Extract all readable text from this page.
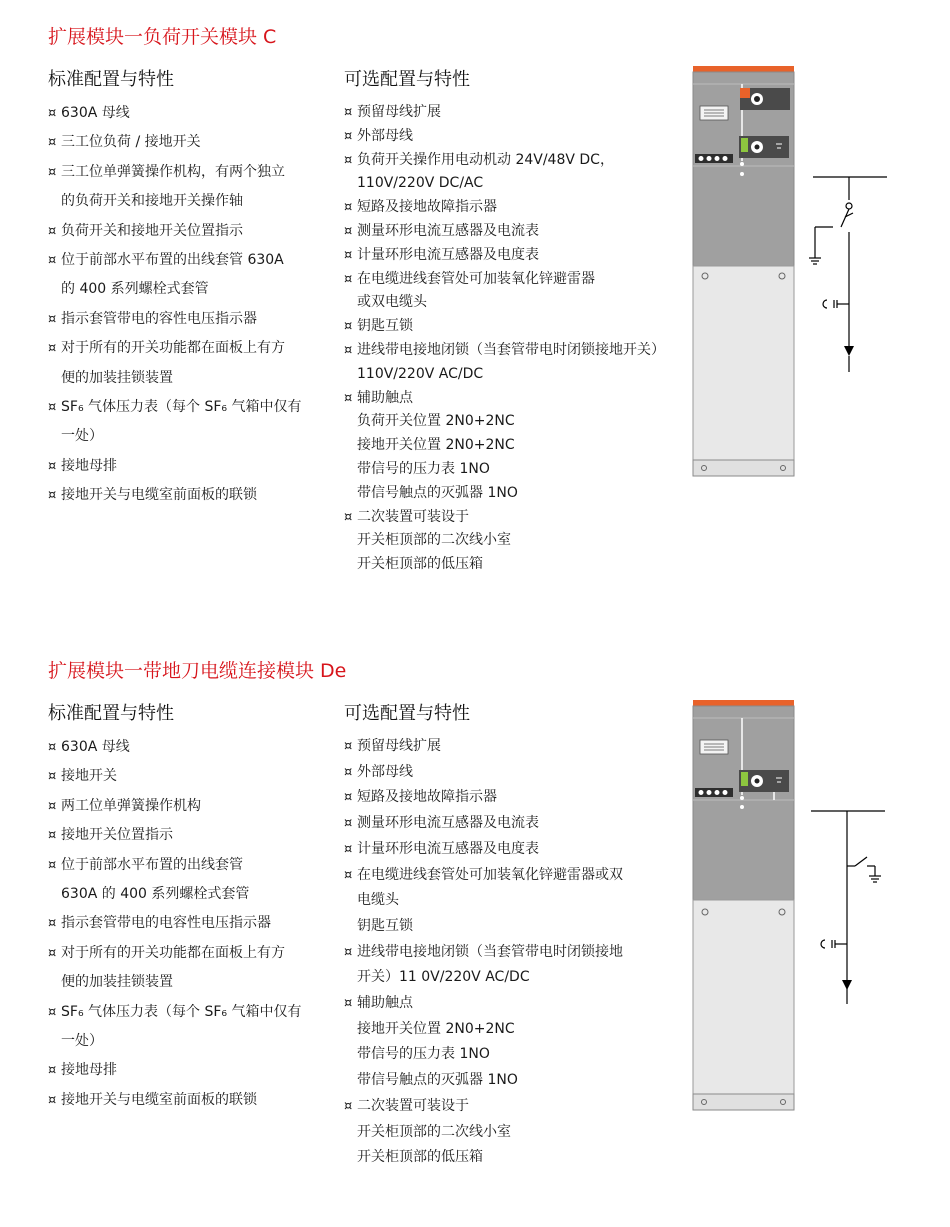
扩展模块一负荷开关模块 C
标准配置与特性
¤ 630A 母线
¤ 三工位负荷 / 接地开关
¤ 三工位单弹簧操作机构，有两个独立
的负荷开关和接地开关操作轴
¤ 负荷开关和接地开关位置指示
¤ 位于前部水平布置的出线套管 630A
的 400 系列螺栓式套管
¤ 指示套管带电的容性电压指示器
¤ 对于所有的开关功能都在面板上有方
便的加装挂锁装置
¤ SF₆ 气体压力表（每个 SF₆ 气箱中仅有
一处）
¤ 接地母排
¤ 接地开关与电缆室前面板的联锁
可选配置与特性
¤ 预留母线扩展
¤ 外部母线
¤ 负荷开关操作用电动机动 24V/48V DC，
110V/220V DC/AC
¤ 短路及接地故障指示器
¤ 测量环形电流互感器及电流表
¤ 计量环形电流互感器及电度表
¤ 在电缆进线套管处可加装氧化锌避雷器
或双电缆头
¤ 钥匙互锁
¤ 进线带电接地闭锁（当套管带电时闭锁接地开关）
110V/220V AC/DC
¤ 辅助触点
负荷开关位置 2N0+2NC
接地开关位置 2N0+2NC
带信号的压力表 1NO
带信号触点的灭弧器 1NO
¤ 二次装置可装设于
开关柜顶部的二次线小室
开关柜顶部的低压箱
扩展模块一带地刀电缆连接模块 De
标准配置与特性
¤ 630A 母线
¤ 接地开关
¤ 两工位单弹簧操作机构
¤ 接地开关位置指示
¤ 位于前部水平布置的出线套管
630A 的 400 系列螺栓式套管
¤ 指示套管带电的电容性电压指示器
¤ 对于所有的开关功能都在面板上有方
便的加装挂锁装置
¤ SF₆ 气体压力表（每个 SF₆ 气箱中仅有
一处）
¤ 接地母排
¤ 接地开关与电缆室前面板的联锁
可选配置与特性
¤ 预留母线扩展
¤ 外部母线
¤ 短路及接地故障指示器
¤ 测量环形电流互感器及电流表
¤ 计量环形电流互感器及电度表
¤ 在电缆进线套管处可加装氧化锌避雷器或双
电缆头
钥匙互锁
¤ 进线带电接地闭锁（当套管带电时闭锁接地
开关）11 0V/220V AC/DC
¤ 辅助触点
接地开关位置 2N0+2NC
带信号的压力表 1NO
带信号触点的灭弧器 1NO
¤ 二次装置可装设于
开关柜顶部的二次线小室
开关柜顶部的低压箱
